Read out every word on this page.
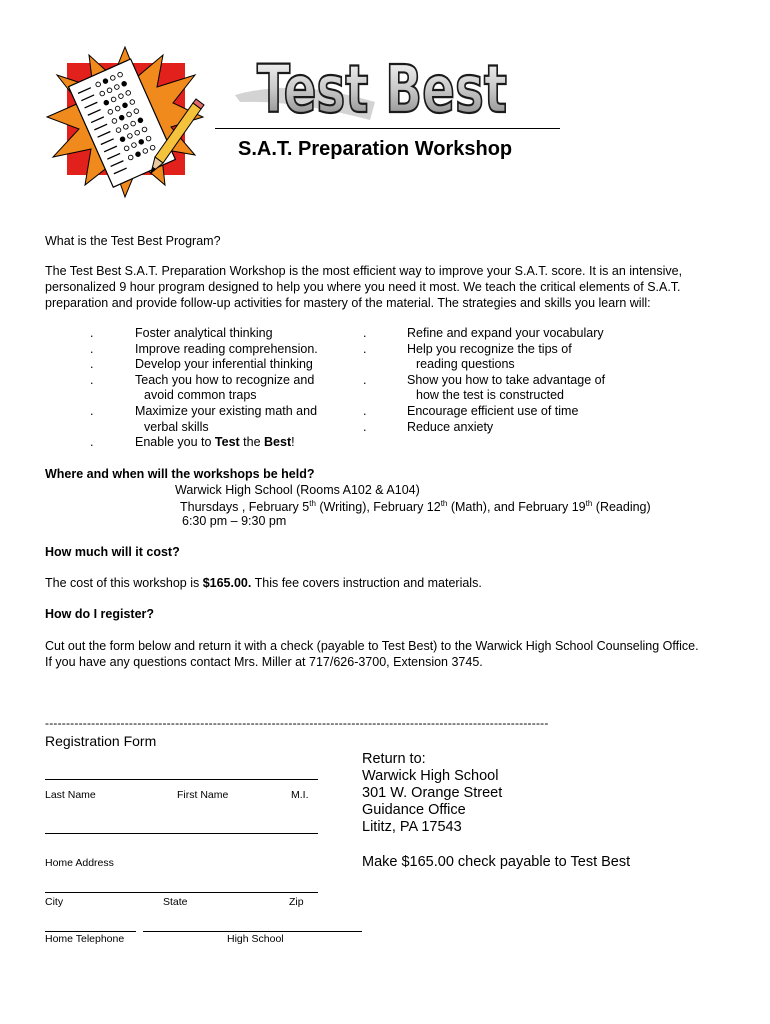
Test Best
S.A.T. Preparation Workshop
What is the Test Best Program?
The Test Best S.A.T. Preparation Workshop is the most efficient way to improve your S.A.T. score. It is an intensive, personalized 9 hour program designed to help you where you need it most. We teach the critical elements of S.A.T. preparation and provide follow-up activities for mastery of the material. The strategies and skills you learn will:
.	Foster analytical thinking
.	Improve reading comprehension.
.	Develop your inferential thinking
.	Teach you how to recognize and
avoid common traps
.	Maximize your existing math and
verbal skills
.	Enable you to Test the Best!
.	Refine and expand your vocabulary
.	Help you recognize the tips of
reading questions
.	Show you how to take advantage of
how the test is constructed
.	Encourage efficient use of time
.	Reduce anxiety
Where and when will the workshops be held?
Warwick High School (Rooms A102 & A104)
Thursdays , February 5th (Writing), February 12th (Math), and February 19th (Reading)
6:30 pm – 9:30 pm
How much will it cost?
The cost of this workshop is $165.00. This fee covers instruction and materials.
How do I register?
Cut out the form below and return it with a check (payable to Test Best) to the Warwick High School Counseling Office.
If you have any questions contact Mrs. Miller at 717/626-3700, Extension 3745.
------------------------------------------------------------------------------------------------------------------------
Registration Form
Last Name	First Name	M.I.
Home Address
City	State	Zip
Home Telephone	High School
Return to:
Warwick High School
301 W. Orange Street
Guidance Office
Lititz, PA 17543
Make $165.00 check payable to Test Best
